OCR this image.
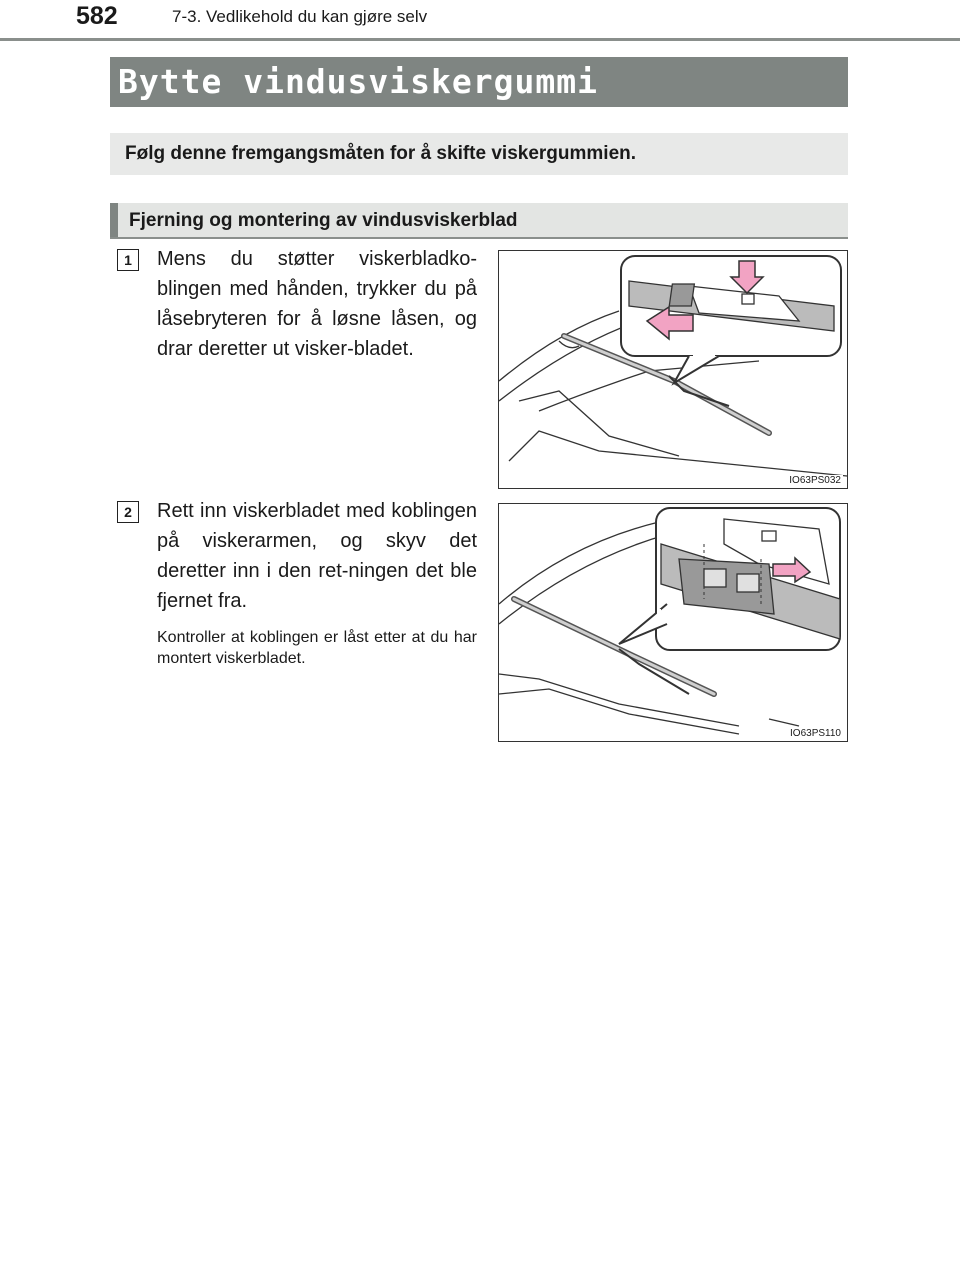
582	7-3. Vedlikehold du kan gjøre selv
Bytte vindusviskergummi
Følg denne fremgangsmåten for å skifte viskergummien.
Fjerning og montering av vindusviskerblad
1	Mens du støtter viskerbladko-blingen med hånden, trykker du på låsebryteren for å løsne låsen, og drar deretter ut visker-bladet.
IO63PS032
2	Rett inn viskerbladet med koblingen på viskerarmen, og skyv det deretter inn i den ret-ningen det ble fjernet fra.
Kontroller at koblingen er låst etter at du har montert viskerbladet.
IO63PS110
